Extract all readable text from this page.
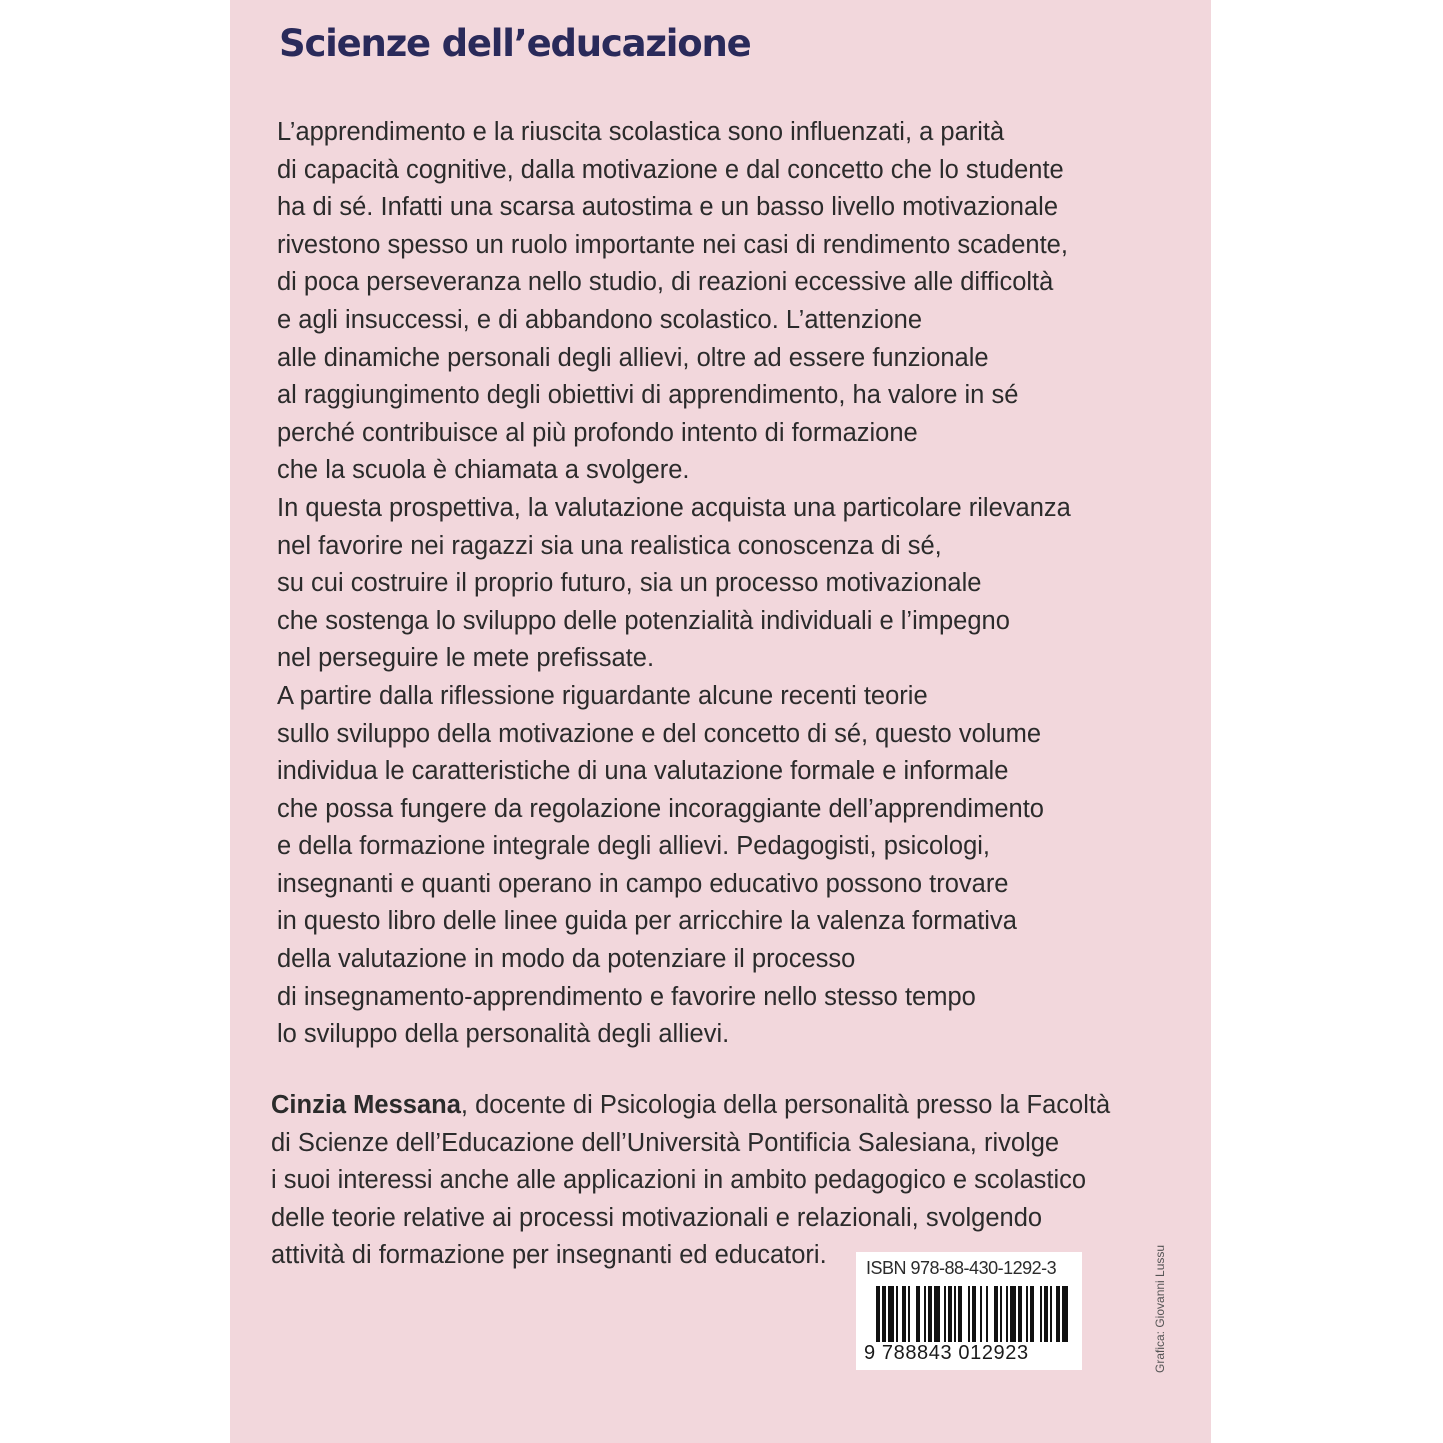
Scienze dell’educazione
L’apprendimento e la riuscita scolastica sono influenzati, a parità
di capacità cognitive, dalla motivazione e dal concetto che lo studente
ha di sé. Infatti una scarsa autostima e un basso livello motivazionale
rivestono spesso un ruolo importante nei casi di rendimento scadente,
di poca perseveranza nello studio, di reazioni eccessive alle difficoltà
e agli insuccessi, e di abbandono scolastico. L’attenzione
alle dinamiche personali degli allievi, oltre ad essere funzionale
al raggiungimento degli obiettivi di apprendimento, ha valore in sé
perché contribuisce al più profondo intento di formazione
che la scuola è chiamata a svolgere.
In questa prospettiva, la valutazione acquista una particolare rilevanza
nel favorire nei ragazzi sia una realistica conoscenza di sé,
su cui costruire il proprio futuro, sia un processo motivazionale
che sostenga lo sviluppo delle potenzialità individuali e l’impegno
nel perseguire le mete prefissate.
A partire dalla riflessione riguardante alcune recenti teorie
sullo sviluppo della motivazione e del concetto di sé, questo volume
individua le caratteristiche di una valutazione formale e informale
che possa fungere da regolazione incoraggiante dell’apprendimento
e della formazione integrale degli allievi. Pedagogisti, psicologi,
insegnanti e quanti operano in campo educativo possono trovare
in questo libro delle linee guida per arricchire la valenza formativa
della valutazione in modo da potenziare il processo
di insegnamento-apprendimento e favorire nello stesso tempo
lo sviluppo della personalità degli allievi.
Cinzia Messana, docente di Psicologia della personalità presso la Facoltà
di Scienze dell’Educazione dell’Università Pontificia Salesiana, rivolge
i suoi interessi anche alle applicazioni in ambito pedagogico e scolastico
delle teorie relative ai processi motivazionali e relazionali, svolgendo
attività di formazione per insegnanti ed educatori.	ISBN 978-88-430-1292-3
9 788843 012923	Grafica: Giovanni Lussu
